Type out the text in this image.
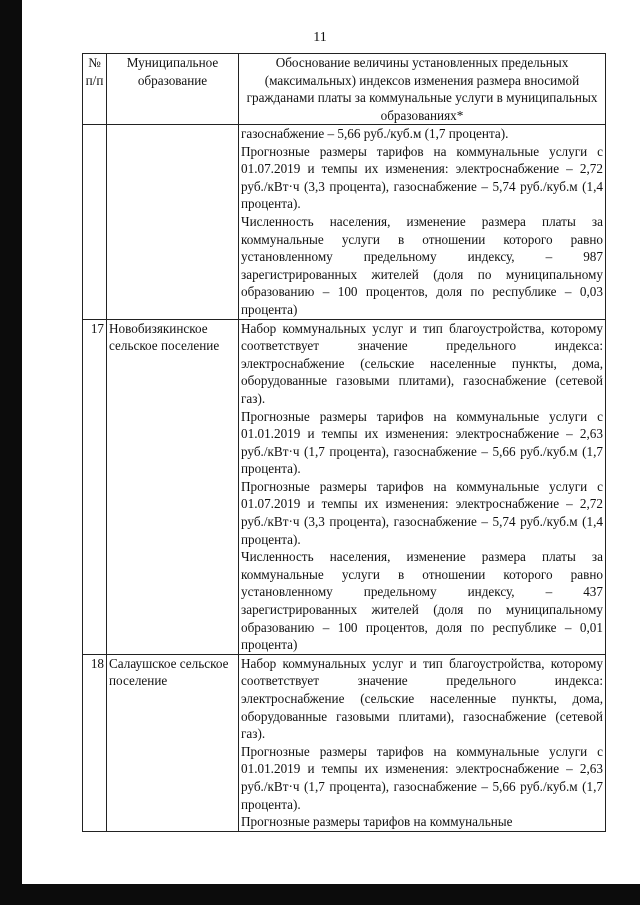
11
№ п/п	Муниципальное образование	Обоснование величины установленных предельных (максимальных) индексов изменения размера вносимой гражданами платы за коммунальные услуги в муниципальных образованиях*

		газоснабжение – 5,66 руб./куб.м (1,7 процента).
Прогнозные размеры тарифов на коммунальные услуги с 01.07.2019 и темпы их изменения: электроснабжение – 2,72 руб./кВт·ч (3,3 процента), газоснабжение – 5,74 руб./куб.м (1,4 процента).
Численность населения, изменение размера платы за коммунальные услуги в отношении которого равно установленному предельному индексу, – 987 зарегистрированных жителей (доля по муниципальному образованию – 100 процентов, доля по республике – 0,03 процента)

17	Новобизякинское сельское поселение	Набор коммунальных услуг и тип благоустройства, которому соответствует значение предельного индекса: электроснабжение (сельские населенные пункты, дома, оборудованные газовыми плитами), газоснабжение (сетевой газ).
Прогнозные размеры тарифов на коммунальные услуги с 01.01.2019 и темпы их изменения: электроснабжение – 2,63 руб./кВт·ч (1,7 процента), газоснабжение – 5,66 руб./куб.м (1,7 процента).
Прогнозные размеры тарифов на коммунальные услуги с 01.07.2019 и темпы их изменения: электроснабжение – 2,72 руб./кВт·ч (3,3 процента), газоснабжение – 5,74 руб./куб.м (1,4 процента).
Численность населения, изменение размера платы за коммунальные услуги в отношении которого равно установленному предельному индексу, – 437 зарегистрированных жителей (доля по муниципальному образованию – 100 процентов, доля по республике – 0,01 процента)

18	Салаушское сельское поселение	Набор коммунальных услуг и тип благоустройства, которому соответствует значение предельного индекса: электроснабжение (сельские населенные пункты, дома, оборудованные газовыми плитами), газоснабжение (сетевой газ).
Прогнозные размеры тарифов на коммунальные услуги с 01.01.2019 и темпы их изменения: электроснабжение – 2,63 руб./кВт·ч (1,7 процента), газоснабжение – 5,66 руб./куб.м (1,7 процента).
Прогнозные размеры тарифов на коммунальные
